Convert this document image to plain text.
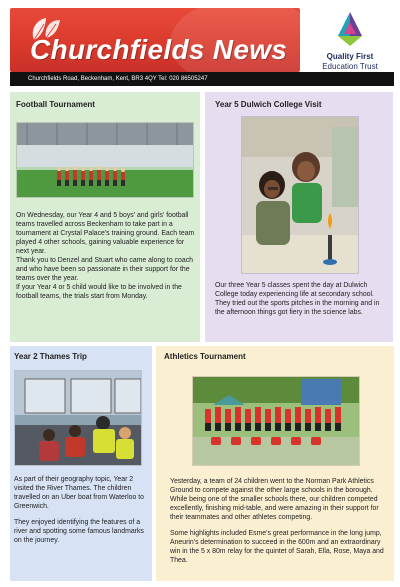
Churchfields News	Quality First
Education Trust
Churchfields Road, Beckenham, Kent, BR3 4QY Tel: 020 86505247
Football Tournament

On Wednesday, our Year 4 and 5 boys' and girls' football teams travelled across Beckenham to take part in a tournament at Crystal Palace's training ground. Each team played 4 other schools, gaining valuable experience for next year.

Thank you to Denzel and Stuart who came along to coach and who have been so passionate in their support for the teams over the year.

If your Year 4 or 5 child would like to be involved in the football teams, the trials start from Monday.

Year 5 Dulwich College Visit
Our three Year 5 classes spent the day at Dulwich College today experiencing life at secondary school. They tried out the sports pitches in the morning and in the afternoon things got fiery in the science labs.
Year 2 Thames Trip

As part of their geography topic, Year 2 visited the River Thames. The children travelled on an Uber boat from Waterloo to Greenwich.

They enjoyed identifying the features of a river and spotting some famous landmarks on the journey.

Athletics Tournament

Yesterday, a team of 24 children went to the Norman Park Athletics Ground to compete against the other large schools in the borough. While being one of the smaller schools there, our children competed excellently, finishing mid-table, and were amazing in their support for their teammates and other athletes competing.

Some highlights included Esme's great performance in the long jump, Aneurin's determination to succeed in the 600m and an extraordinary win in the 5 x 80m relay for the quintet of Sarah, Ella, Rose, Maya and Thea.
